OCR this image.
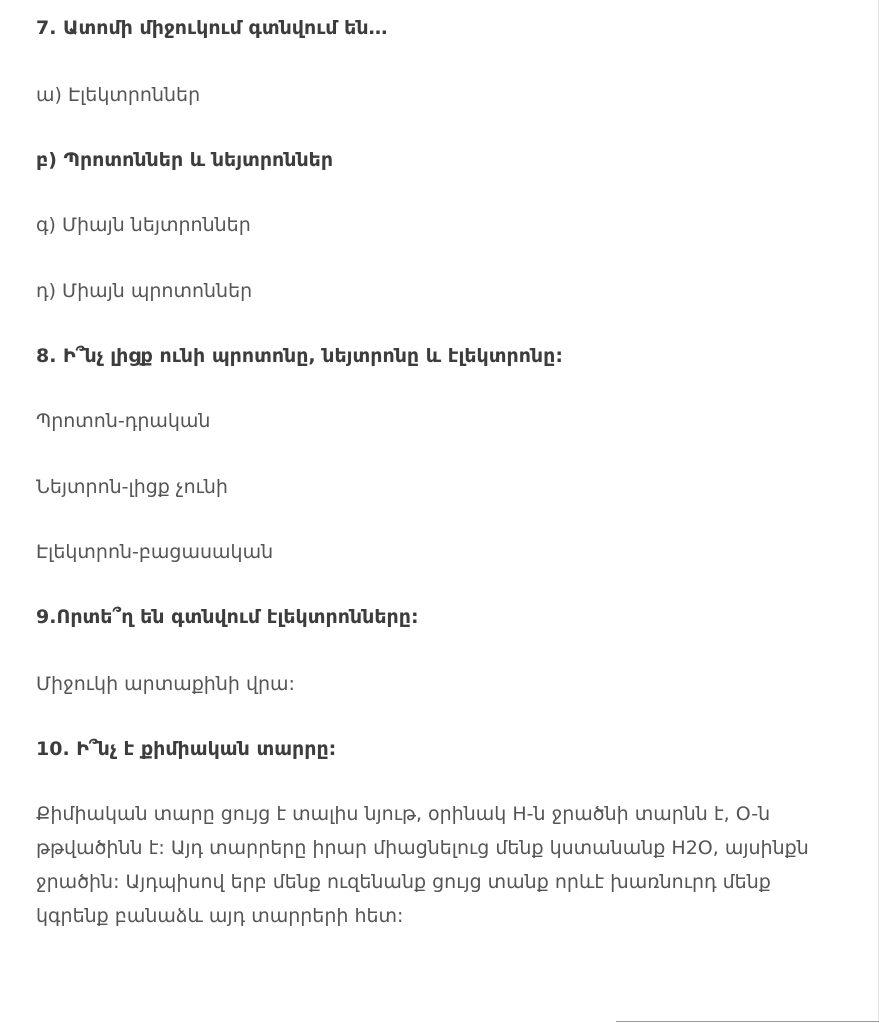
7. Ատոմի միջուկում գտնվում են…
ա) Էլեկտրոններ
բ) Պրոտոններ և նեյտրոններ
գ) Միայն նեյտրոններ
դ) Միայն պրոտոններ
8. Ի՞նչ լիցք ունի պրոտոնը, նեյտրոնը և էլեկտրոնը:
Պրոտոն-դրական
Նեյտրոն-լիցք չունի
Էլեկտրոն-բացասական
9.Որտե՞ղ են գտնվում էլեկտրոնները:
Միջուկի արտաքինի վրա:
10. Ի՞նչ է քիմիական տարրը:
Քիմիական տարը ցույց է տալիս նյութ, օրինակ H-ն ջրածնի տարնն է, O-ն թթվածինն է: Այդ տարրերը իրար միացնելուց մենք կստանանք H2O, այսինքն ջրածին: Այդպիսով երբ մենք ուզենանք ցույց տանք որևէ խառնուրդ մենք կգրենք բանաձև այդ տարրերի հետ:
